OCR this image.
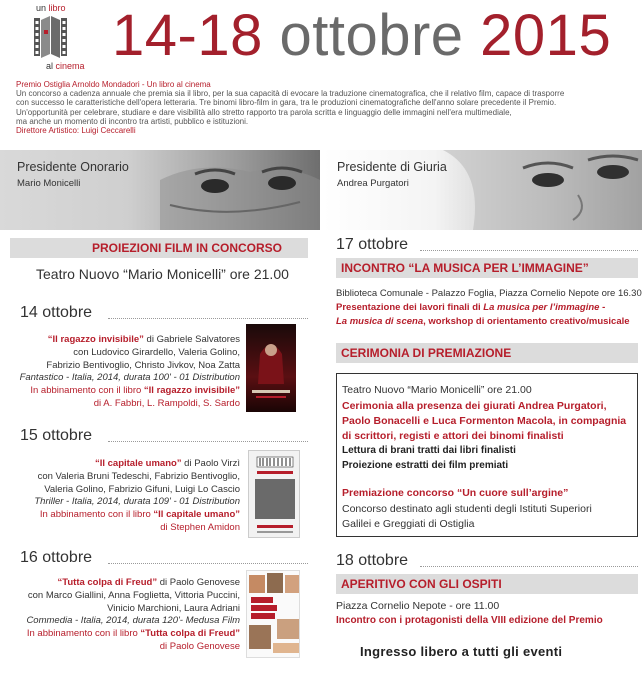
un libro
al cinema 14-18 ottobre 2015
Premio Ostiglia Arnoldo Mondadori - Un libro al cinema
Un concorso a cadenza annuale che premia sia il libro, per la sua capacità di evocare la traduzione cinematografica, che il relativo film, capace di trasporre
con successo le caratteristiche dell'opera letteraria. Tre binomi libro-film in gara, tra le produzioni cinematografiche dell'anno solare precedente il Premio.
Un'opportunità per celebrare, studiare e dare visibilità allo stretto rapporto tra parola scritta e linguaggio delle immagini nell'era multimediale,
ma anche un momento di incontro tra artisti, pubblico e istituzioni.
Direttore Artistico: Luigi Ceccarelli
Presidente Onorario
Mario Monicelli
Presidente di Giuria
Andrea Purgatori
PROIEZIONI FILM IN CONCORSO
Teatro Nuovo “Mario Monicelli” ore 21.00
14 ottobre
“Il ragazzo invisibile” di Gabriele Salvatores
con Ludovico Girardello, Valeria Golino,
Fabrizio Bentivoglio, Christo Jivkov, Noa Zatta
Fantastico - Italia, 2014, durata 100' - 01 Distribution
In abbinamento con il libro “Il ragazzo invisibile”
di A. Fabbri, L. Rampoldi, S. Sardo
15 ottobre
“Il capitale umano” di Paolo Virzì
con Valeria Bruni Tedeschi, Fabrizio Bentivoglio,
Valeria Golino, Fabrizio Gifuni, Luigi Lo Cascio
Thriller - Italia, 2014, durata 109' - 01 Distribution
In abbinamento con il libro “Il capitale umano”
di Stephen Amidon
16 ottobre
“Tutta colpa di Freud” di Paolo Genovese
con Marco Giallini, Anna Foglietta, Vittoria Puccini,
Vinicio Marchioni, Laura Adriani
Commedia - Italia, 2014, durata 120'- Medusa Film
In abbinamento con il libro “Tutta colpa di Freud”
di Paolo Genovese
17 ottobre
INCONTRO “LA MUSICA PER L’IMMAGINE”
Biblioteca Comunale - Palazzo Foglia, Piazza Cornelio Nepote ore 16.30
Presentazione dei lavori finali di La musica per l’immagine -
La musica di scena, workshop di orientamento creativo/musicale
CERIMONIA DI PREMIAZIONE
Teatro Nuovo “Mario Monicelli” ore 21.00
Cerimonia alla presenza dei giurati Andrea Purgatori,
Paolo Bonacelli e Luca Formenton Macola, in compagnia
di scrittori, registi e attori dei binomi finalisti
Lettura di brani tratti dai libri finalisti
Proiezione estratti dei film premiati
Premiazione concorso “Un cuore sull’argine”
Concorso destinato agli studenti degli Istituti Superiori
Galilei e Greggiati di Ostiglia
18 ottobre
APERITIVO CON GLI OSPITI
Piazza Cornelio Nepote - ore 11.00
Incontro con i protagonisti della VIII edizione del Premio
Ingresso libero a tutti gli eventi
